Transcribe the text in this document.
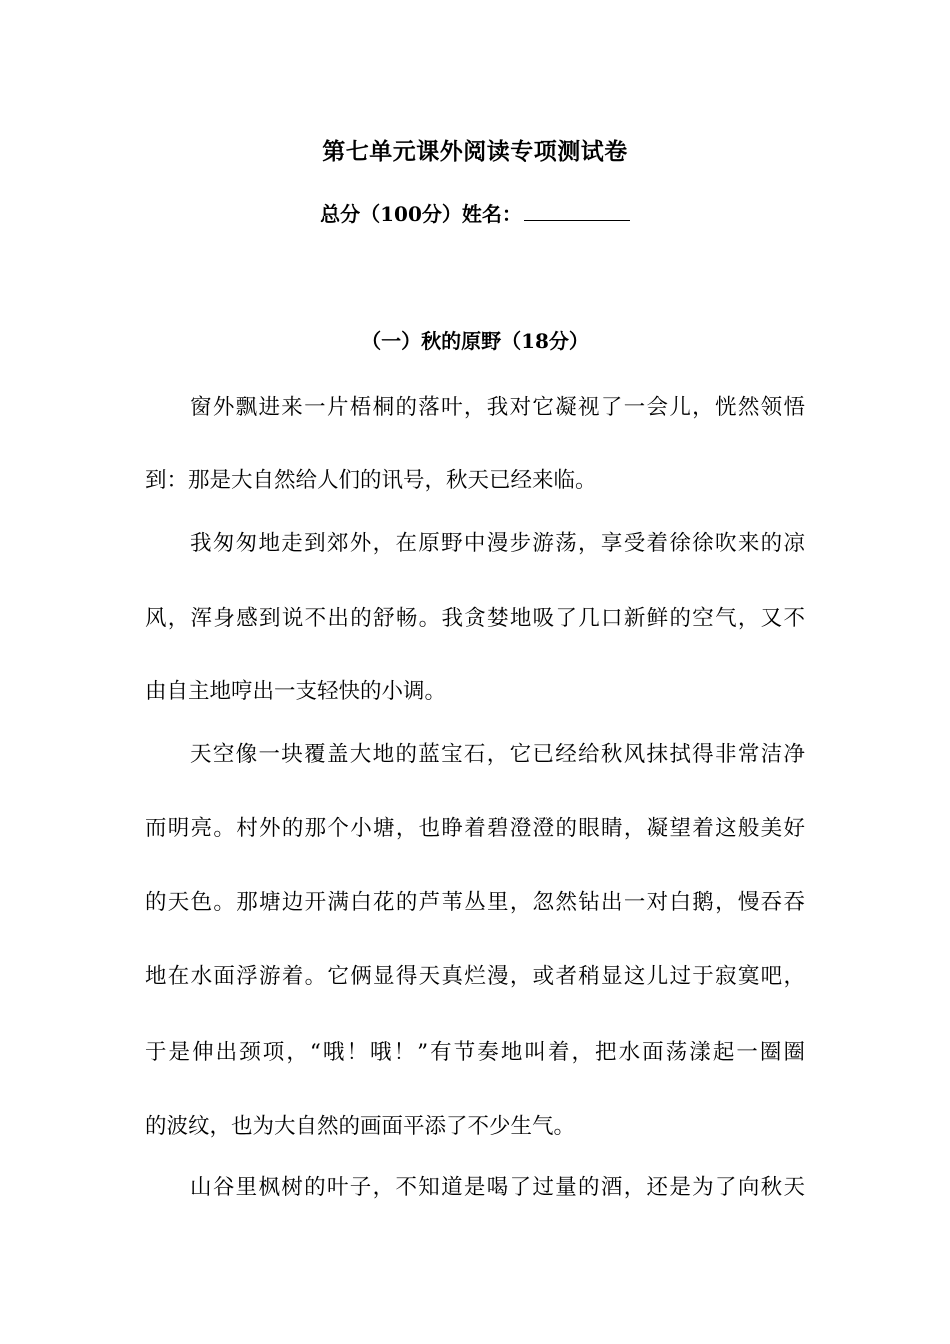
第七单元课外阅读专项测试卷
总分（100分）姓名：
（一）秋的原野（18分）
窗外飘进来一片梧桐的落叶，我对它凝视了一会儿，恍然领悟
到：那是大自然给人们的讯号，秋天已经来临。
我匆匆地走到郊外，在原野中漫步游荡，享受着徐徐吹来的凉
风，浑身感到说不出的舒畅。我贪婪地吸了几口新鲜的空气，又不
由自主地哼出一支轻快的小调。
天空像一块覆盖大地的蓝宝石，它已经给秋风抹拭得非常洁净
而明亮。村外的那个小塘，也睁着碧澄澄的眼睛，凝望着这般美好
的天色。那塘边开满白花的芦苇丛里，忽然钻出一对白鹅，慢吞吞
地在水面浮游着。它俩显得天真烂漫，或者稍显这儿过于寂寞吧，
于是伸出颈项，“哦！哦！”有节奏地叫着，把水面荡漾起一圈圈
的波纹，也为大自然的画面平添了不少生气。
山谷里枫树的叶子，不知道是喝了过量的酒，还是为了向秋天
